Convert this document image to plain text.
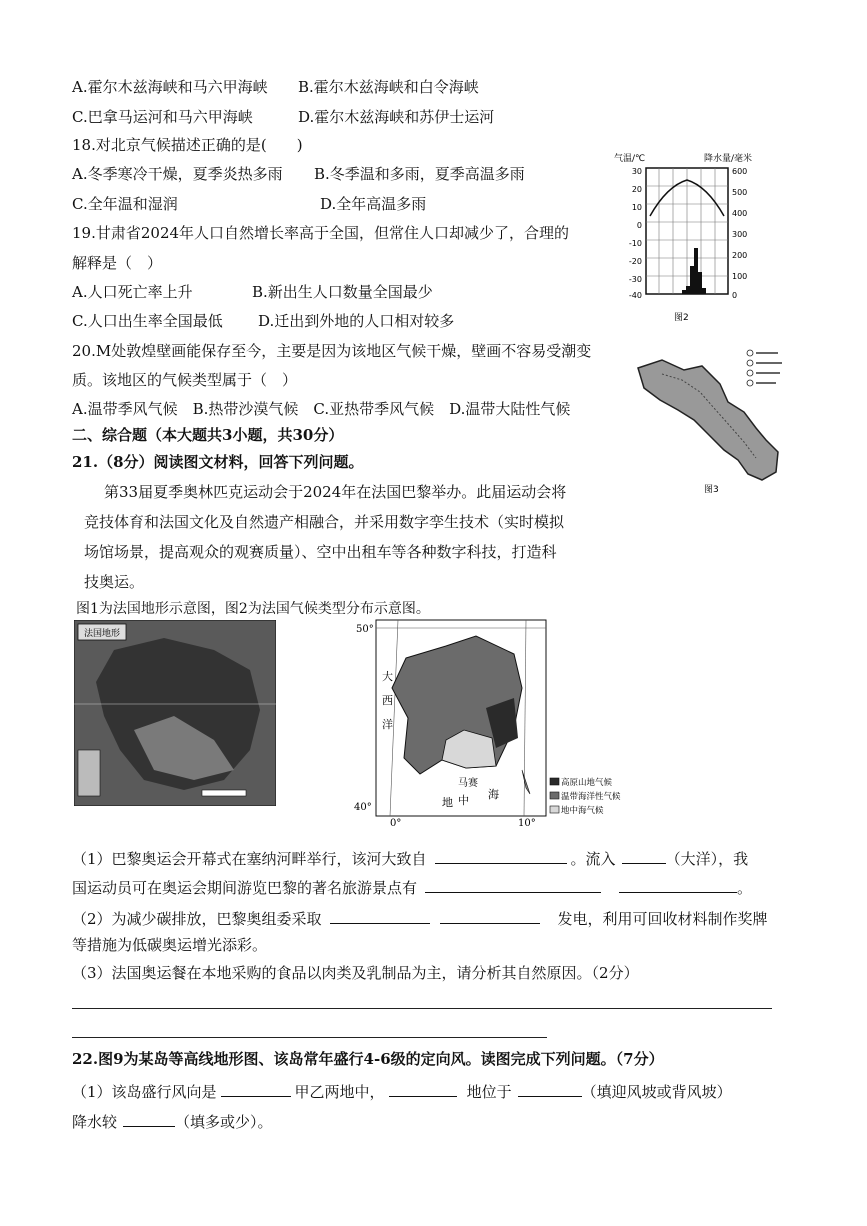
A.霍尔木兹海峡和马六甲海峡 B.霍尔木兹海峡和白令海峡
C.巴拿马运河和马六甲海峡	D.霍尔木兹海峡和苏伊士运河
18.对北京气候描述正确的是(　　)
A.冬季寒冷干燥，夏季炎热多雨 B.冬季温和多雨，夏季高温多雨
C.全年温和湿润	D.全年高温多雨
19.甘肃省2024年人口自然增长率高于全国，但常住人口却减少了，合理的
解释是（　）
A.人口死亡率上升	B.新出生人口数量全国最少
C.人口出生率全国最低 D.迁出到外地的人口相对较多
20.M处敦煌壁画能保存至今，主要是因为该地区气候干燥，壁画不容易受潮变
质。该地区的气候类型属于（　）
A.温带季风气候　B.热带沙漠气候　C.亚热带季风气候　D.温带大陆性气候
气温/℃	降水量/毫米
30
20
10
0
-10
-20
-30
-40
600
500
400
300
200
100
0
图2
图3
二、综合题（本大题共3小题，共30分）
21.（8分）阅读图文材料，回答下列问题。
第33届夏季奥林匹克运动会于2024年在法国巴黎举办。此届运动会将
竞技体育和法国文化及自然遗产相融合，并采用数字孪生技术（实时模拟
场馆场景，提高观众的观赛质量）、空中出租车等各种数字科技，打造科
技奥运。
图1为法国地形示意图，图2为法国气候类型分布示意图。
法国地形	50°
40°
0°	10°
大
西
洋
马赛
地 中 海
高原山地气候
温带海洋性气候
地中海气候
（1）巴黎奥运会开幕式在塞纳河畔举行，该河大致自	。流入	（大洋），我
国运动员可在奥运会期间游览巴黎的著名旅游景点有	。
（2）为减少碳排放，巴黎奥组委采取	发电，利用可回收材料制作奖牌
等措施为低碳奥运增光添彩。
（3）法国奥运餐在本地采购的食品以肉类及乳制品为主，请分析其自然原因。（2分）
22.图9为某岛等高线地形图、该岛常年盛行4-6级的定向风。读图完成下列问题。（7分）
（1）该岛盛行风向是	甲乙两地中，	地位于	（填迎风坡或背风坡）
降水较	（填多或少）。
